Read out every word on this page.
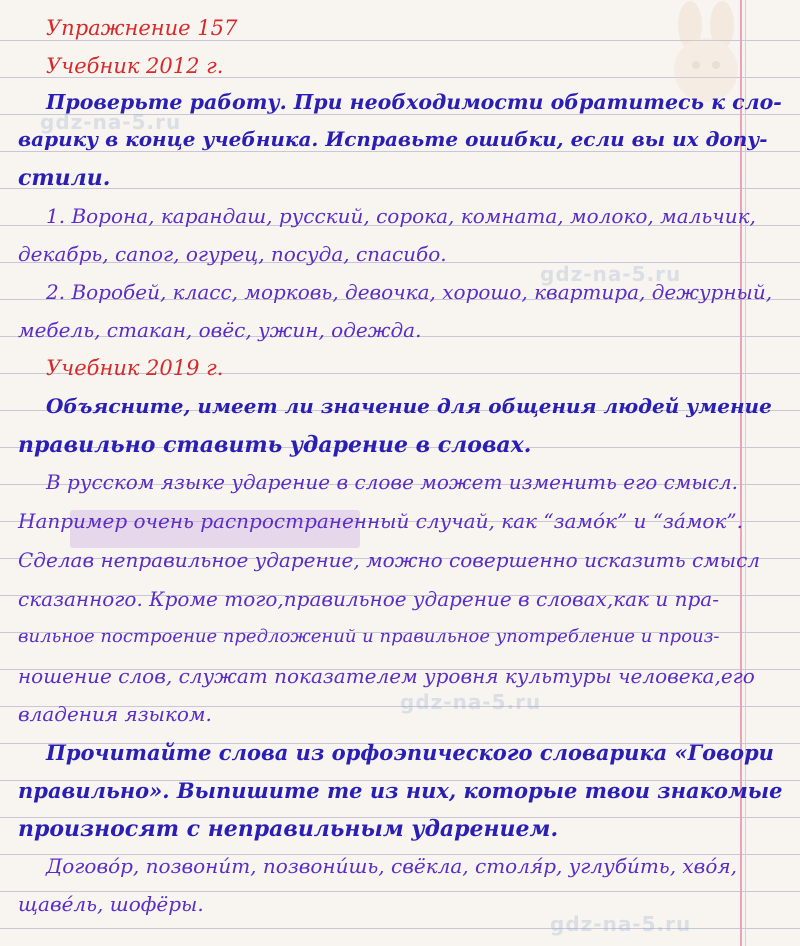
gdz-na-5.ru
gdz-na-5.ru
gdz-na-5.ru
gdz-na-5.ru
Упражнение 157
Учебник 2012 г.
Проверьте работу. При необходимости обратитесь к сло-
варику в конце учебника. Исправьте ошибки, если вы их допу-
стили.
1. Ворона, карандаш, русский, сорока, комната, молоко, мальчик,
декабрь, сапог, огурец, посуда, спасибо.
2. Воробей, класс, морковь, девочка, хорошо, квартира, дежурный,
мебель, стакан, овёс, ужин, одежда.
Учебник 2019 г.
Объясните, имеет ли значение для общения людей умение
правильно ставить ударение в словах.
В русском языке ударение в слове может изменить его смысл.
Например очень распространенный случай, как “замо́к” и “за́мок”.
Сделав неправильное ударение, можно совершенно исказить смысл
сказанного. Кроме того,правильное ударение в словах,как и пра-
вильное построение предложений и правильное употребление и произ-
ношение слов, служат показателем уровня культуры человека,его
владения языком.
Прочитайте слова из орфоэпического словарика «Говори
правильно». Выпишите те из них, которые твои знакомые
произносят с неправильным ударением.
Догово́р, позвони́т, позвони́шь, свёкла, столя́р, углуби́ть, хво́я,
щаве́ль, шофёры.
